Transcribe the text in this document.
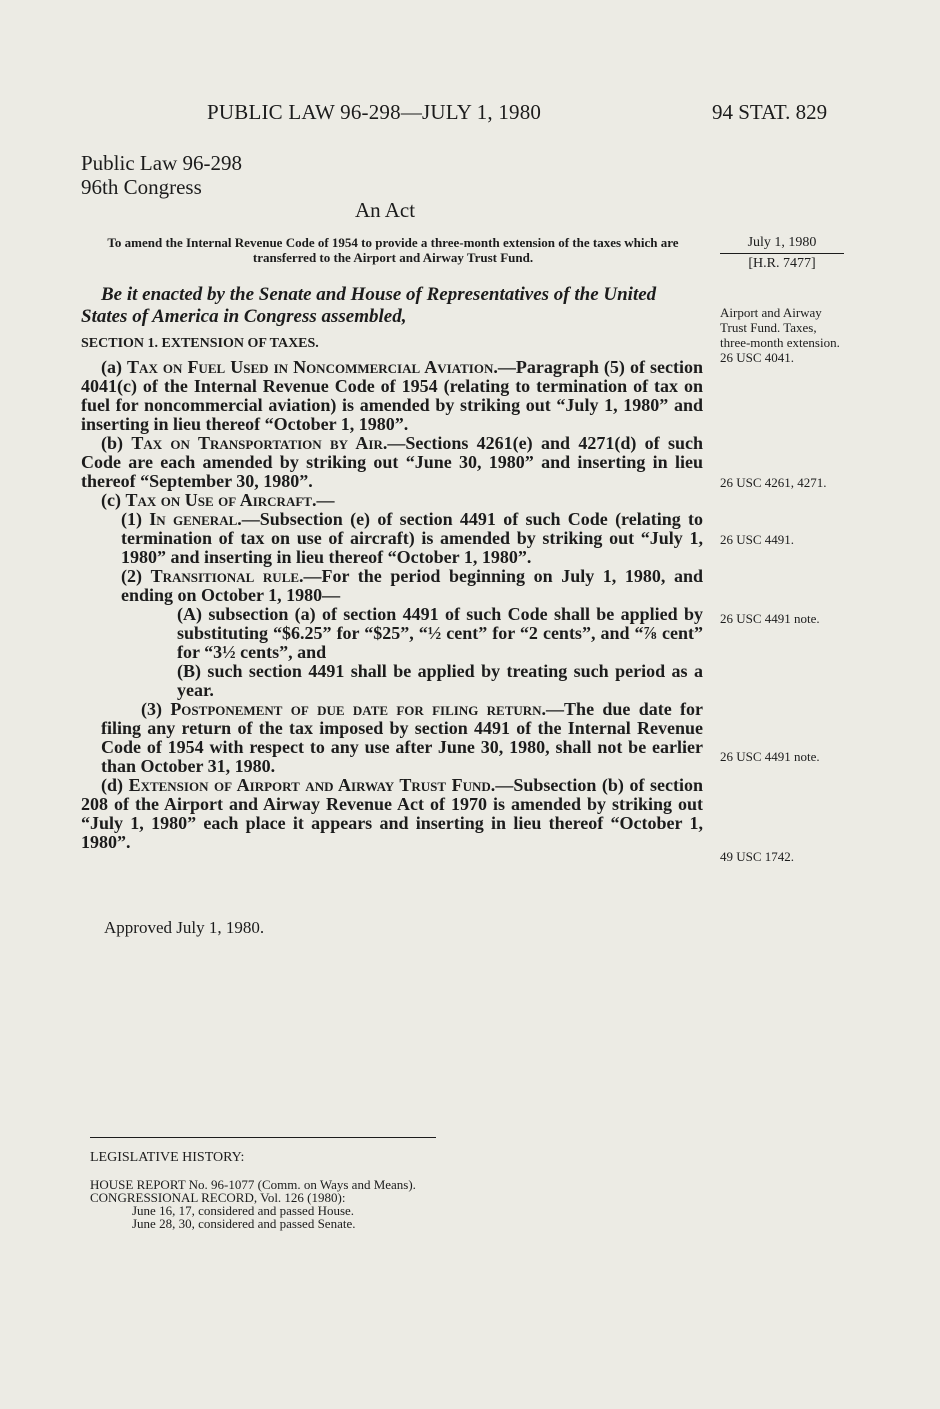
PUBLIC LAW 96-298—JULY 1, 1980	94 STAT. 829
Public Law 96-298
96th Congress
An Act
To amend the Internal Revenue Code of 1954 to provide a three-month extension of the taxes which are transferred to the Airport and Airway Trust Fund.
July 1, 1980
[H.R. 7477]
Be it enacted by the Senate and House of Representatives of the United States of America in Congress assembled,
SECTION 1. EXTENSION OF TAXES.

(a) Tax on Fuel Used in Noncommercial Aviation.—Paragraph (5) of section 4041(c) of the Internal Revenue Code of 1954 (relating to termination of tax on fuel for noncommercial aviation) is amended by striking out “July 1, 1980” and inserting in lieu thereof “October 1, 1980”.

(b) Tax on Transportation by Air.—Sections 4261(e) and 4271(d) of such Code are each amended by striking out “June 30, 1980” and inserting in lieu thereof “September 30, 1980”.

(c) Tax on Use of Aircraft.—

(1) In general.—Subsection (e) of section 4491 of such Code (relating to termination of tax on use of aircraft) is amended by striking out “July 1, 1980” and inserting in lieu thereof “October 1, 1980”.

(2) Transitional rule.—For the period beginning on July 1, 1980, and ending on October 1, 1980—

(A) subsection (a) of section 4491 of such Code shall be applied by substituting “$6.25” for “$25”, “½ cent” for “2 cents”, and “⅞ cent” for “3½ cents”, and

(B) such section 4491 shall be applied by treating such period as a year.

(3) Postponement of due date for filing return.—The due date for filing any return of the tax imposed by section 4491 of the Internal Revenue Code of 1954 with respect to any use after June 30, 1980, shall not be earlier than October 31, 1980.

(d) Extension of Airport and Airway Trust Fund.—Subsection (b) of section 208 of the Airport and Airway Revenue Act of 1970 is amended by striking out “July 1, 1980” each place it appears and inserting in lieu thereof “October 1, 1980”.

Approved July 1, 1980.
Airport and Airway Trust Fund. Taxes, three-month extension. 26 USC 4041.
26 USC 4261, 4271.
26 USC 4491.
26 USC 4491 note.
26 USC 4491 note.
49 USC 1742.
LEGISLATIVE HISTORY:
HOUSE REPORT No. 96-1077 (Comm. on Ways and Means).
CONGRESSIONAL RECORD, Vol. 126 (1980):
June 16, 17, considered and passed House.
June 28, 30, considered and passed Senate.
